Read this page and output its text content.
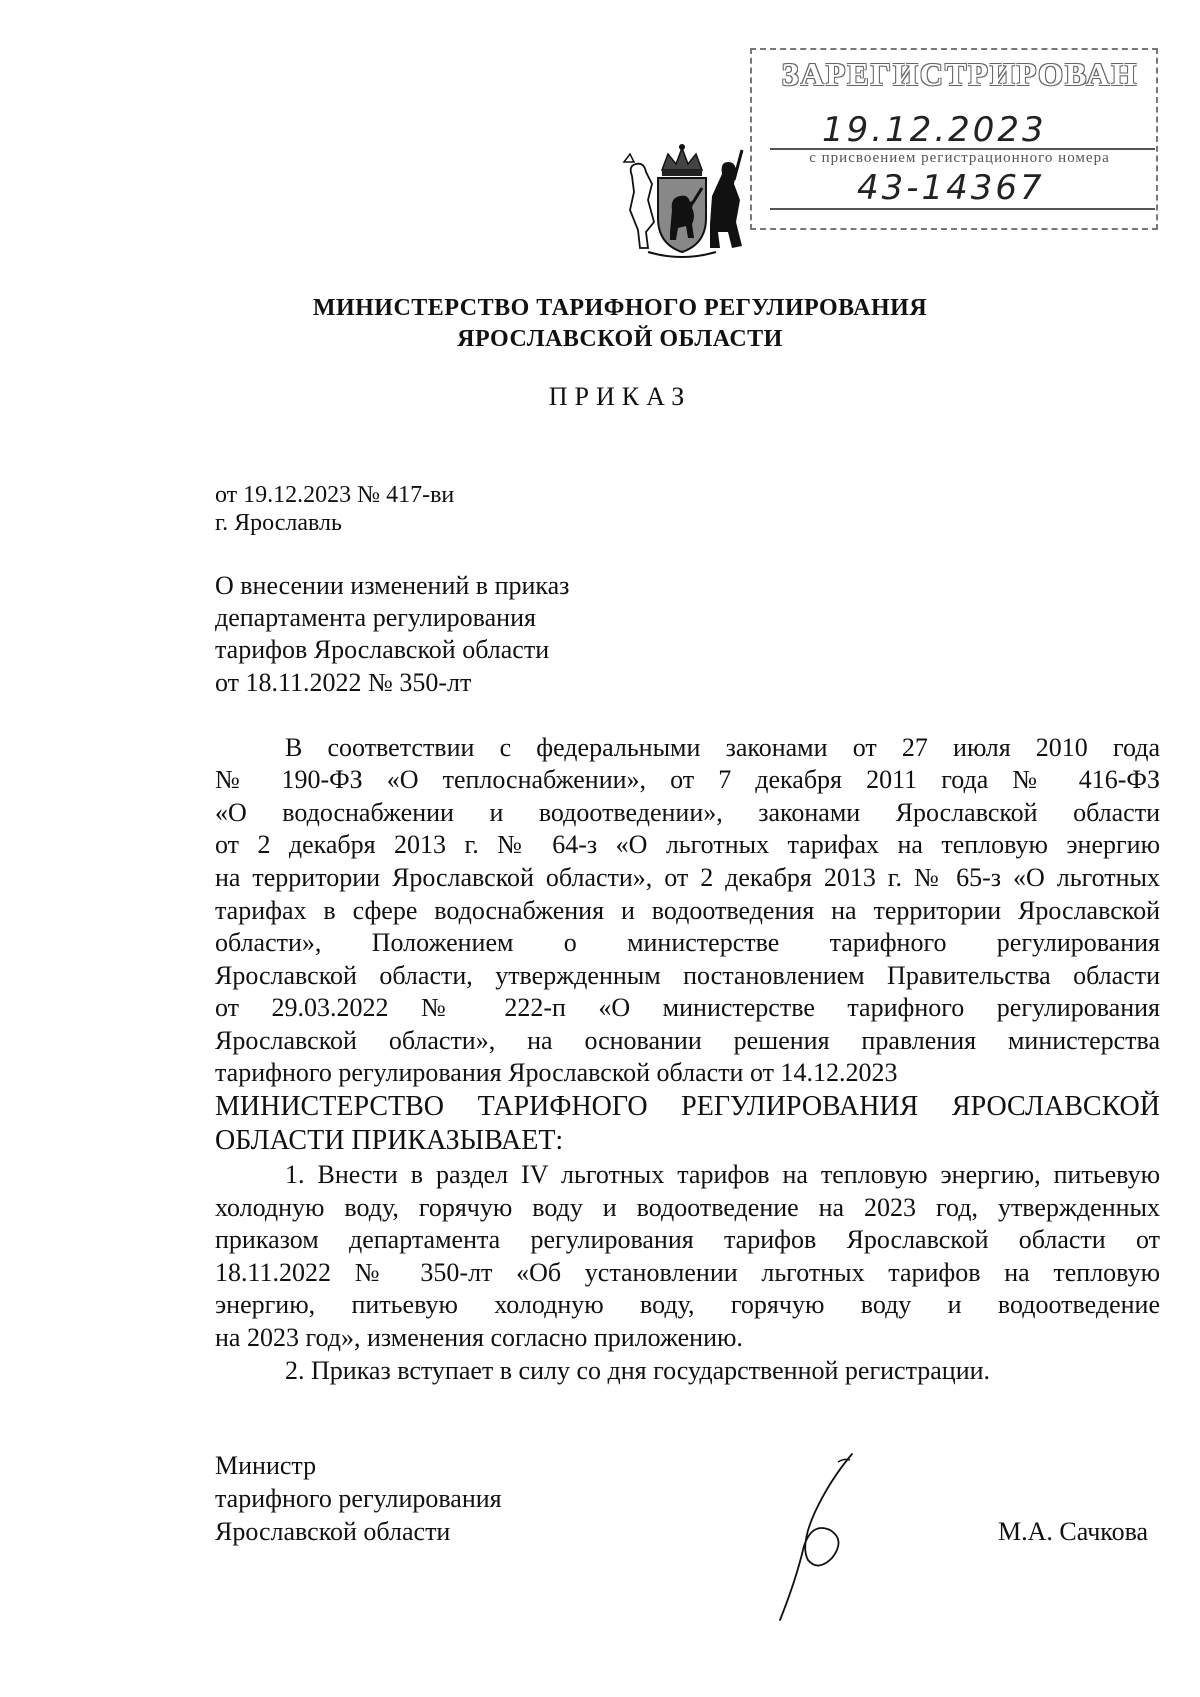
ЗАРЕГИСТРИРОВАН
19.12.2023
с присвоением регистрационного номера
43-14367
МИНИСТЕРСТВО ТАРИФНОГО РЕГУЛИРОВАНИЯ
ЯРОСЛАВСКОЙ ОБЛАСТИ
ПРИКАЗ
от 19.12.2023 № 417-ви
г. Ярославль
О внесении изменений в приказ
департамента регулирования
тарифов Ярославской области
от 18.11.2022 № 350-лт
В соответствии с федеральными законами от 27 июля 2010 года
№ 190-ФЗ «О теплоснабжении», от 7 декабря 2011 года № 416-ФЗ
«О водоснабжении и водоотведении», законами Ярославской области
от 2 декабря 2013 г. № 64-з «О льготных тарифах на тепловую энергию
на территории Ярославской области», от 2 декабря 2013 г. № 65-з «О льготных
тарифах в сфере водоснабжения и водоотведения на территории Ярославской
области», Положением о министерстве тарифного регулирования
Ярославской области, утвержденным постановлением Правительства области
от 29.03.2022 № 222-п «О министерстве тарифного регулирования
Ярославской области», на основании решения правления министерства
тарифного регулирования Ярославской области от 14.12.2023
МИНИСТЕРСТВО ТАРИФНОГО РЕГУЛИРОВАНИЯ ЯРОСЛАВСКОЙ
ОБЛАСТИ ПРИКАЗЫВАЕТ:
1. Внести в раздел IV льготных тарифов на тепловую энергию, питьевую
холодную воду, горячую воду и водоотведение на 2023 год, утвержденных
приказом департамента регулирования тарифов Ярославской области от
18.11.2022 № 350-лт «Об установлении льготных тарифов на тепловую
энергию, питьевую холодную воду, горячую воду и водоотведение
на 2023 год», изменения согласно приложению.
2. Приказ вступает в силу со дня государственной регистрации.
Министр
тарифного регулирования
Ярославской области	М.А. Сачкова
